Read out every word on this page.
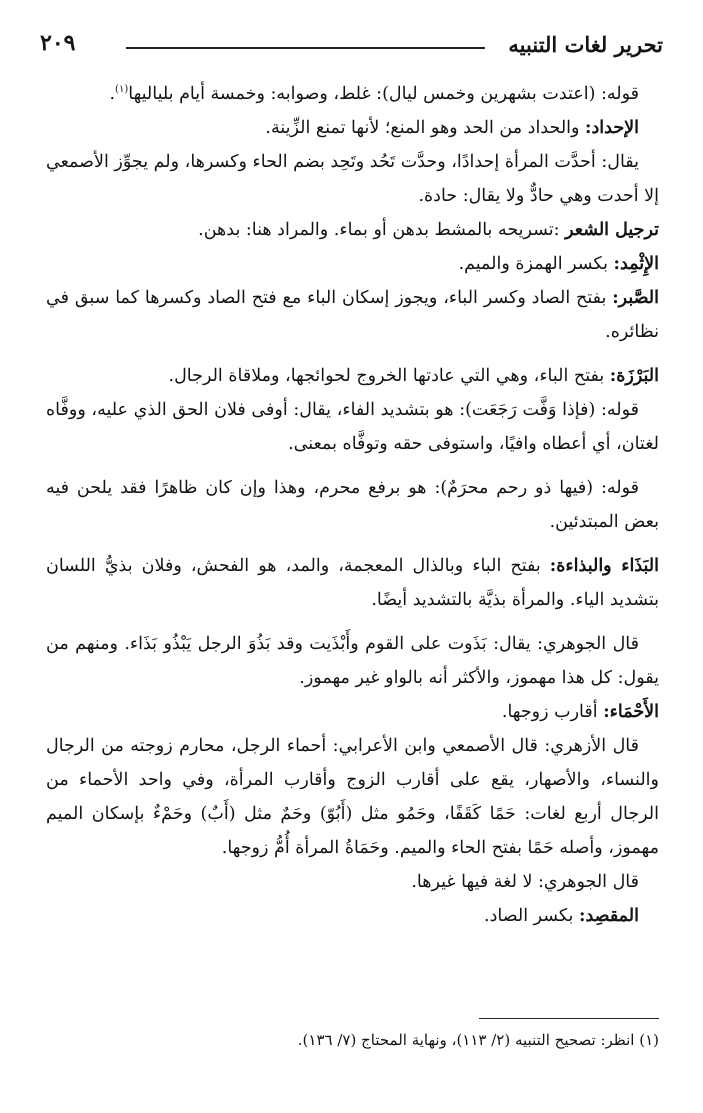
تحرير لغات التنبيه
٢٠٩

قوله: (اعتدت بشهرين وخمس ليال): غلط، وصوابه: وخمسة أيام بلياليها$^{(١)}$.

الإحداد: والحداد من الحد وهو المنع؛ لأنها تمنع الزِّينة.

يقال: أحدَّت المرأة إحدادًا، وحدَّت تَحُد وتَحِد بضم الحاء وكسرها، ولم يجوِّز الأصمعي إلا أحدت وهي حادٌّ ولا يقال: حادة.

ترجيل الشعر :تسريحه بالمشط بدهن أو بماء. والمراد هنا: بدهن.

الإِثْمِد: بكسر الهمزة والميم.

الصَّبر: بفتح الصاد وكسر الباء، ويجوز إسكان الباء مع فتح الصاد وكسرها كما سبق في نظائره.

البَرْزَة: بفتح الباء، وهي التي عادتها الخروج لحوائجها، وملاقاة الرجال.

قوله: (فإذا وَفَّت رَجَعَت): هو بتشديد الفاء، يقال: أوفى فلان الحق الذي عليه، ووفَّاه لغتان، أي أعطاه وافيًا، واستوفى حقه وتوفَّاه بمعنى.

قوله: (فيها ذو رحم محرَمٌ): هو برفع محرم، وهذا وإن كان ظاهرًا فقد يلحن فيه بعض المبتدئين.

البَذَاء والبذاءة: بفتح الباء وبالذال المعجمة، والمد، هو الفحش، وفلان بذيُّ اللسان بتشديد الياء. والمرأة بذيَّة بالتشديد أيضًا.

قال الجوهري: يقال: بَذَوت على القوم وأَبْذَيت وقد بَذُوَ الرجل يَبْذُو بَذَاء. ومنهم من يقول: كل هذا مهموز، والأكثر أنه بالواو غير مهموز.

الأَحْمَاء: أقارب زوجها.

قال الأزهري: قال الأصمعي وابن الأعرابي: أحماء الرجل، محارم زوجته من الرجال والنساء، والأصهار، يقع على أقارب الزوج وأقارب المرأة، وفي واحد الأحماء من الرجال أربع لغات: حَمًا كَقَفًا، وحَمُو مثل (أَبُوّ) وحَمٌ مثل (أَبٌ) وحَمْءٌ بإسكان الميم مهموز، وأصله حَمًا بفتح الحاء والميم. وحَمَاةُ المرأة أُمُّ زوجها.

قال الجوهري: لا لغة فيها غيرها.

المقصِد: بكسر الصاد.

(١) انظر: تصحيح التنبيه (٢/ ١١٣)، ونهاية المحتاج (٧/ ١٣٦).
